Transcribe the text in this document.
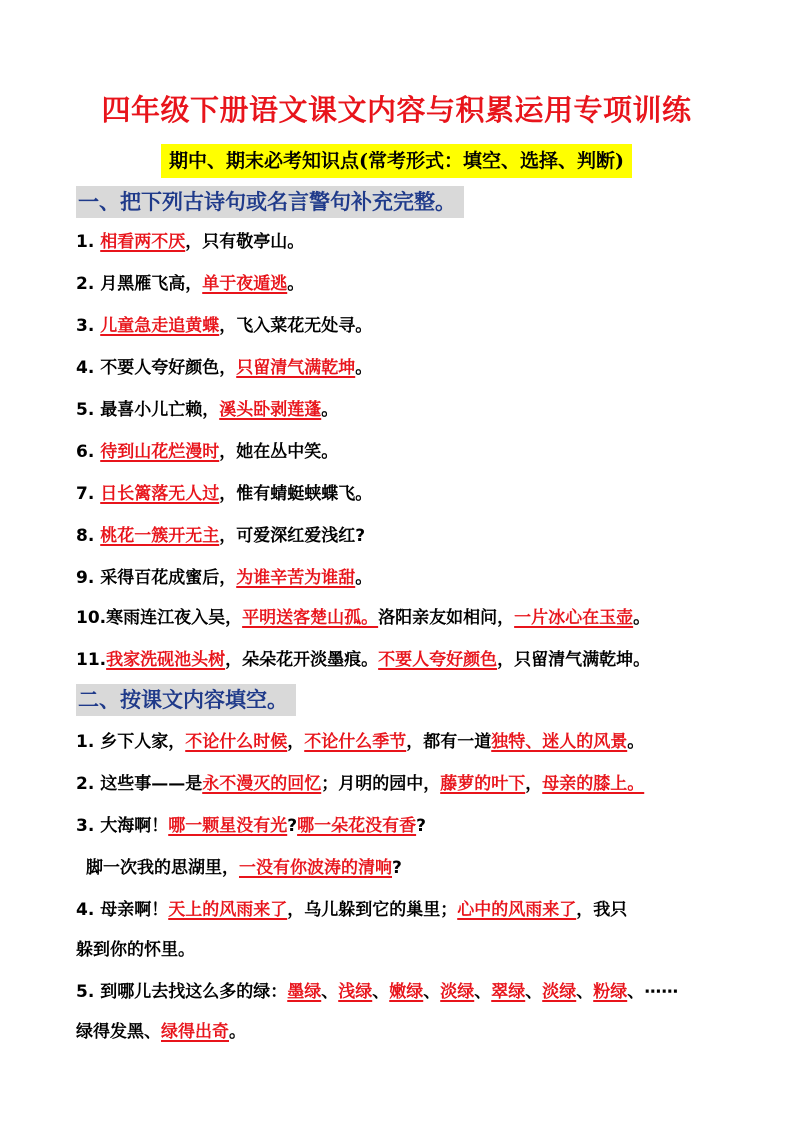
四年级下册语文课文内容与积累运用专项训练
期中、期末必考知识点(常考形式：填空、选择、判断)
一、把下列古诗句或名言警句补充完整。
二、按课文内容填空。
1. 相看两不厌，只有敬亭山。
2. 月黑雁飞高，单于夜遁逃。
3. 儿童急走追黄蝶，飞入菜花无处寻。
4. 不要人夸好颜色，只留清气满乾坤。
5. 最喜小儿亡赖，溪头卧剥莲蓬。
6. 待到山花烂漫时，她在丛中笑。
7. 日长篱落无人过，惟有蜻蜓蛱蝶飞。
8. 桃花一簇开无主，可爱深红爱浅红?
9. 采得百花成蜜后，为谁辛苦为谁甜。
10.寒雨连江夜入吴，平明送客楚山孤。洛阳亲友如相问，一片冰心在玉壶。
11.我家洗砚池头树，朵朵花开淡墨痕。不要人夸好颜色，只留清气满乾坤。
1. 乡下人家，不论什么时候，不论什么季节，都有一道独特、迷人的风景。
2. 这些事——是永不漫灭的回忆；月明的园中，藤萝的叶下，母亲的膝上。
3. 大海啊！哪一颗星没有光?哪一朵花没有香?
脚一次我的思湖里，一没有你波涛的清响?
4. 母亲啊！天上的风雨来了，乌儿躲到它的巢里；心中的风雨来了，我只
躲到你的怀里。
5. 到哪儿去找这么多的绿：墨绿、浅绿、嫩绿、淡绿、翠绿、淡绿、粉绿、⋯⋯
绿得发黑、绿得出奇。
